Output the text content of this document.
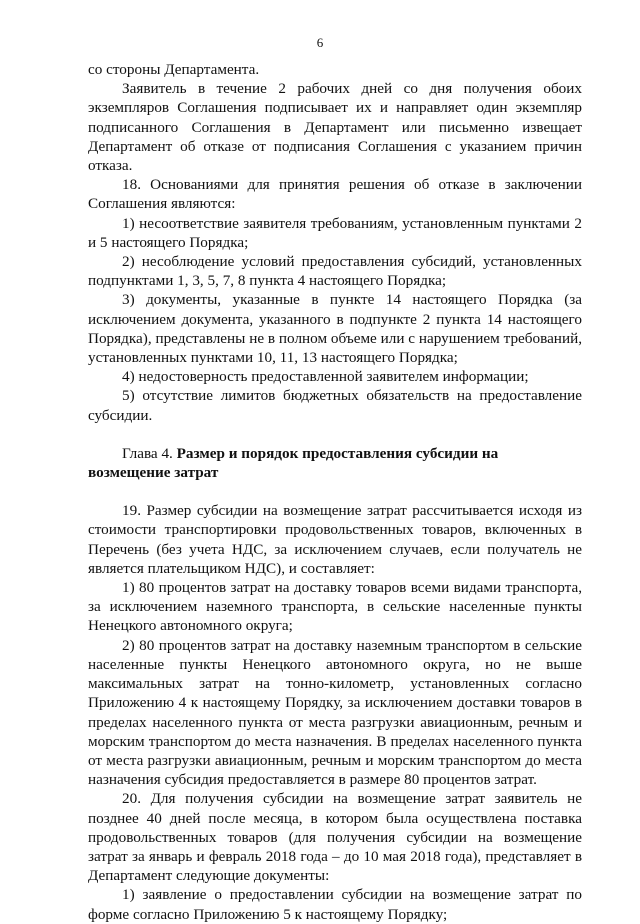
6

со стороны Департамента.

Заявитель в течение 2 рабочих дней со дня получения обоих экземпляров Соглашения подписывает их и направляет один экземпляр подписанного Соглашения в Департамент или письменно извещает Департамент об отказе от подписания Соглашения с указанием причин отказа.

18. Основаниями для принятия решения об отказе в заключении Соглашения являются:

1) несоответствие заявителя требованиям, установленным пунктами 2 и 5 настоящего Порядка;

2) несоблюдение условий предоставления субсидий, установленных подпунктами 1, 3, 5, 7, 8 пункта 4 настоящего Порядка;

3) документы, указанные в пункте 14 настоящего Порядка (за исключением документа, указанного в подпункте 2 пункта 14 настоящего Порядка), представлены не в полном объеме или с нарушением требований, установленных пунктами 10, 11, 13 настоящего Порядка;

4) недостоверность предоставленной заявителем информации;

5) отсутствие лимитов бюджетных обязательств на предоставление субсидии.

Глава 4. Размер и порядок предоставления субсидии на возмещение затрат

19. Размер субсидии на возмещение затрат рассчитывается исходя из стоимости транспортировки продовольственных товаров, включенных в Перечень (без учета НДС, за исключением случаев, если получатель не является плательщиком НДС), и составляет:

1) 80 процентов затрат на доставку товаров всеми видами транспорта, за исключением наземного транспорта, в сельские населенные пункты Ненецкого автономного округа;

2) 80 процентов затрат на доставку наземным транспортом в сельские населенные пункты Ненецкого автономного округа, но не выше максимальных затрат на тонно-километр, установленных согласно Приложению 4 к настоящему Порядку, за исключением доставки товаров в пределах населенного пункта от места разгрузки авиационным, речным и морским транспортом до места назначения. В пределах населенного пункта от места разгрузки авиационным, речным и морским транспортом до места назначения субсидия предоставляется в размере 80 процентов затрат.

20. Для получения субсидии на возмещение затрат заявитель не позднее 40 дней после месяца, в котором была осуществлена поставка продовольственных товаров (для получения субсидии на возмещение затрат за январь и февраль 2018 года – до 10 мая 2018 года), представляет в Департамент следующие документы:

1) заявление о предоставлении субсидии на возмещение затрат по форме согласно Приложению 5 к настоящему Порядку;
